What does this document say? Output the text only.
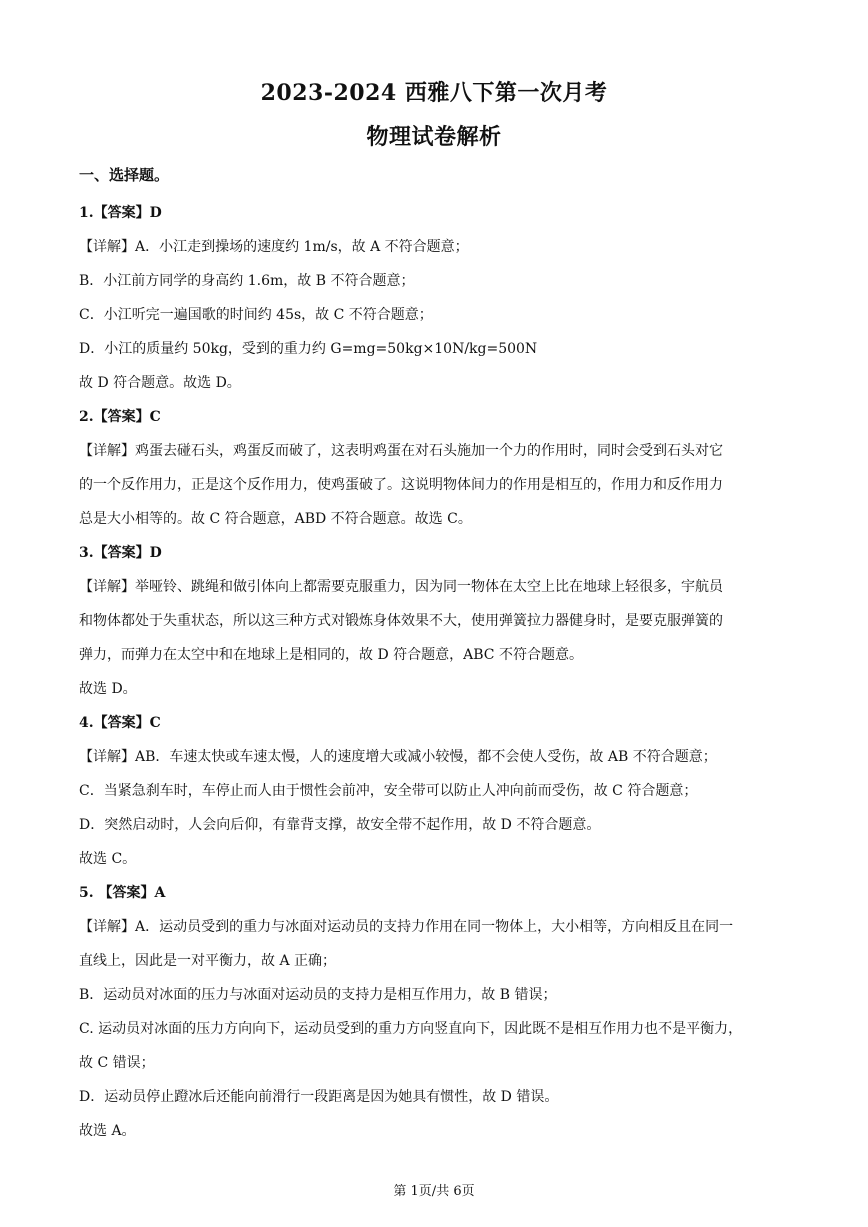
2023-2024 西雅八下第一次月考
物理试卷解析
一、选择题。
1.【答案】D
【详解】A．小江走到操场的速度约 1m/s，故 A 不符合题意；
B．小江前方同学的身高约 1.6m，故 B 不符合题意；
C．小江听完一遍国歌的时间约 45s，故 C 不符合题意；
D．小江的质量约 50kg，受到的重力约 G=mg=50kg×10N/kg=500N
故 D 符合题意。故选 D。
2.【答案】C
【详解】鸡蛋去碰石头，鸡蛋反而破了，这表明鸡蛋在对石头施加一个力的作用时，同时会受到石头对它
的一个反作用力，正是这个反作用力，使鸡蛋破了。这说明物体间力的作用是相互的，作用力和反作用力
总是大小相等的。故 C 符合题意，ABD 不符合题意。故选 C。
3.【答案】D
【详解】举哑铃、跳绳和做引体向上都需要克服重力，因为同一物体在太空上比在地球上轻很多，宇航员
和物体都处于失重状态，所以这三种方式对锻炼身体效果不大，使用弹簧拉力器健身时，是要克服弹簧的
弹力，而弹力在太空中和在地球上是相同的，故 D 符合题意，ABC 不符合题意。
故选 D。
4.【答案】C
【详解】AB．车速太快或车速太慢，人的速度增大或减小较慢，都不会使人受伤，故 AB 不符合题意；
C．当紧急刹车时，车停止而人由于惯性会前冲，安全带可以防止人冲向前而受伤，故 C 符合题意；
D．突然启动时，人会向后仰，有靠背支撑，故安全带不起作用，故 D 不符合题意。
故选 C。
5. 【答案】A
【详解】A．运动员受到的重力与冰面对运动员的支持力作用在同一物体上，大小相等，方向相反且在同一
直线上，因此是一对平衡力，故 A 正确；
B．运动员对冰面的压力与冰面对运动员的支持力是相互作用力，故 B 错误；
C. 运动员对冰面的压力方向向下，运动员受到的重力方向竖直向下，因此既不是相互作用力也不是平衡力，
故 C 错误；
D．运动员停止蹬冰后还能向前滑行一段距离是因为她具有惯性，故 D 错误。
故选 A。
第 1页/共 6页
